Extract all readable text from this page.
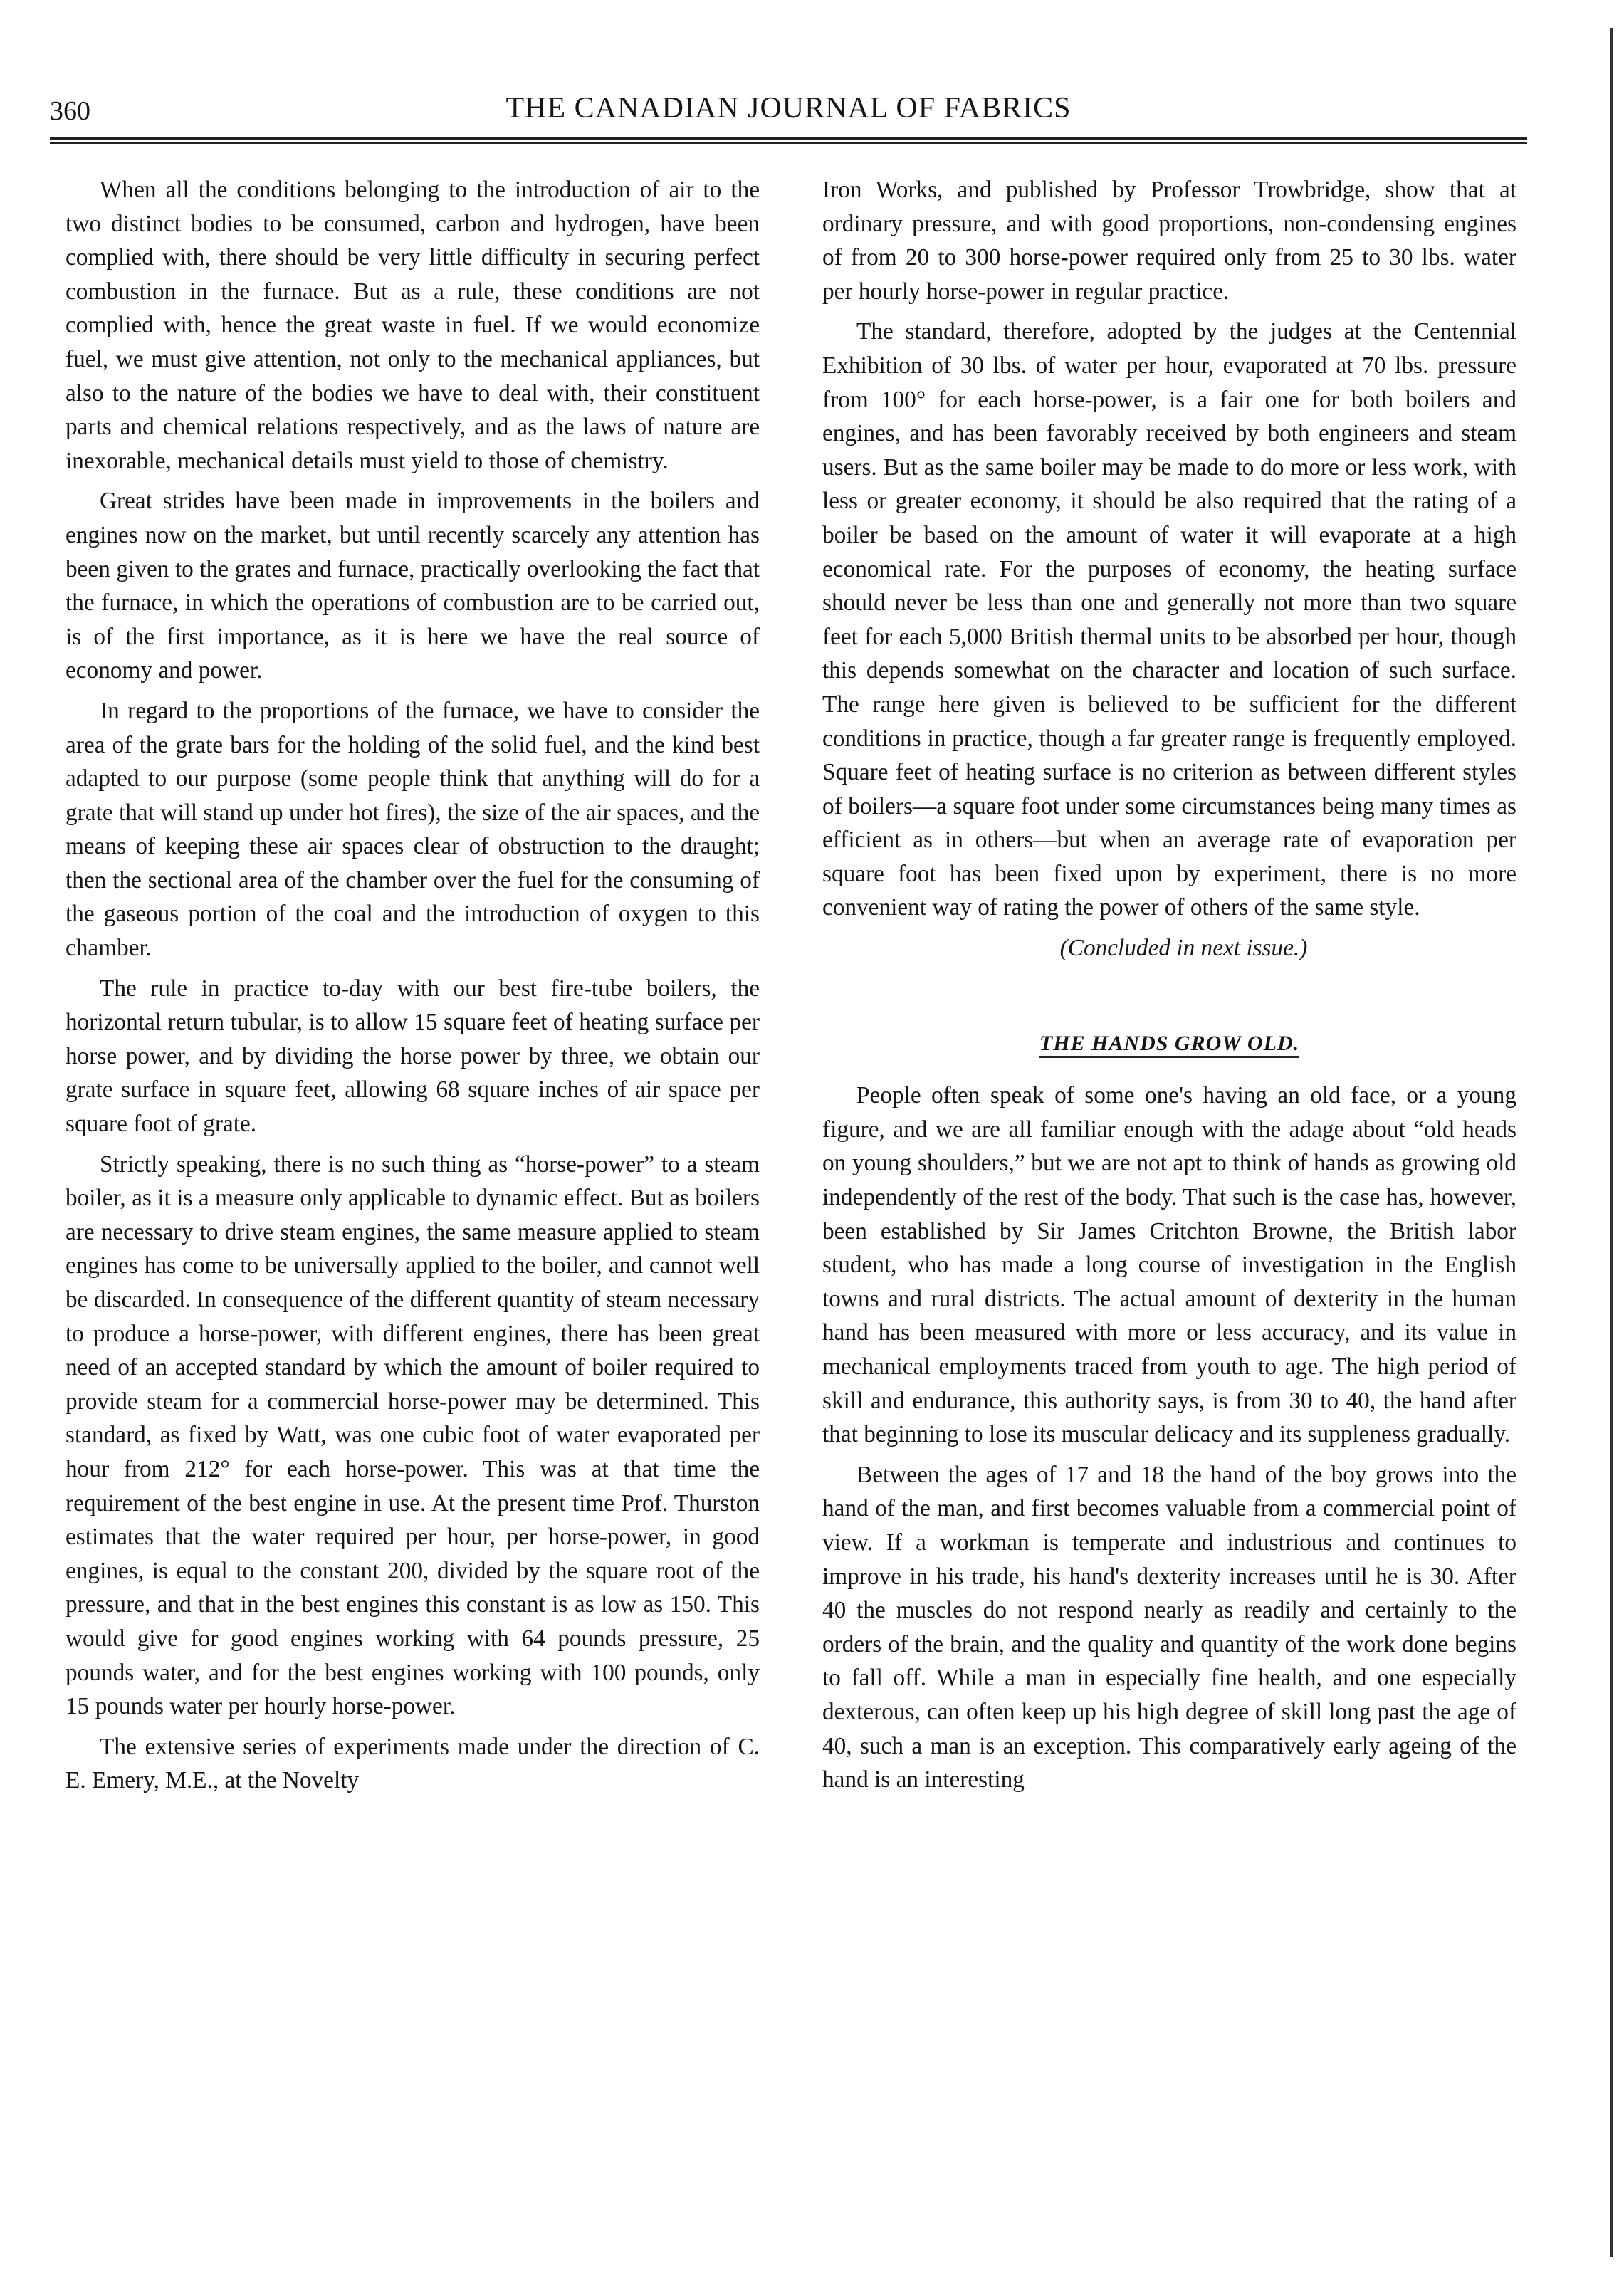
360	THE CANADIAN JOURNAL OF FABRICS

When all the conditions belonging to the introduction of air to the two distinct bodies to be consumed, carbon and hydrogen, have been complied with, there should be very little difficulty in securing perfect combustion in the furnace. But as a rule, these conditions are not complied with, hence the great waste in fuel. If we would economize fuel, we must give attention, not only to the mechanical appliances, but also to the nature of the bodies we have to deal with, their constituent parts and chemical relations respectively, and as the laws of nature are inexorable, mechanical details must yield to those of chemistry.

Great strides have been made in improvements in the boilers and engines now on the market, but until recently scarcely any attention has been given to the grates and furnace, practically overlooking the fact that the furnace, in which the operations of combustion are to be carried out, is of the first importance, as it is here we have the real source of economy and power.

In regard to the proportions of the furnace, we have to consider the area of the grate bars for the holding of the solid fuel, and the kind best adapted to our purpose (some people think that anything will do for a grate that will stand up under hot fires), the size of the air spaces, and the means of keeping these air spaces clear of obstruction to the draught; then the sectional area of the chamber over the fuel for the consuming of the gaseous portion of the coal and the introduction of oxygen to this chamber.

The rule in practice to-day with our best fire-tube boilers, the horizontal return tubular, is to allow 15 square feet of heating surface per horse power, and by dividing the horse power by three, we obtain our grate surface in square feet, allowing 68 square inches of air space per square foot of grate.

Strictly speaking, there is no such thing as “horse-power” to a steam boiler, as it is a measure only applicable to dynamic effect. But as boilers are necessary to drive steam engines, the same measure applied to steam engines has come to be universally applied to the boiler, and cannot well be discarded. In consequence of the different quantity of steam necessary to produce a horse-power, with different engines, there has been great need of an accepted standard by which the amount of boiler required to provide steam for a commercial horse-power may be determined. This standard, as fixed by Watt, was one cubic foot of water evaporated per hour from 212° for each horse-power. This was at that time the requirement of the best engine in use. At the present time Prof. Thurston estimates that the water required per hour, per horse-power, in good engines, is equal to the constant 200, divided by the square root of the pressure, and that in the best engines this constant is as low as 150. This would give for good engines working with 64 pounds pressure, 25 pounds water, and for the best engines working with 100 pounds, only 15 pounds water per hourly horse-power.

The extensive series of experiments made under the direction of C. E. Emery, M.E., at the Novelty

Iron Works, and published by Professor Trowbridge, show that at ordinary pressure, and with good proportions, non-condensing engines of from 20 to 300 horse-power required only from 25 to 30 lbs. water per hourly horse-power in regular practice.

The standard, therefore, adopted by the judges at the Centennial Exhibition of 30 lbs. of water per hour, evaporated at 70 lbs. pressure from 100° for each horse-power, is a fair one for both boilers and engines, and has been favorably received by both engineers and steam users. But as the same boiler may be made to do more or less work, with less or greater economy, it should be also required that the rating of a boiler be based on the amount of water it will evaporate at a high economical rate. For the purposes of economy, the heating surface should never be less than one and generally not more than two square feet for each 5,000 British thermal units to be absorbed per hour, though this depends somewhat on the character and location of such surface. The range here given is believed to be sufficient for the different conditions in practice, though a far greater range is frequently employed. Square feet of heating surface is no criterion as between different styles of boilers—a square foot under some circumstances being many times as efficient as in others—but when an average rate of evaporation per square foot has been fixed upon by experiment, there is no more convenient way of rating the power of others of the same style.

(Concluded in next issue.)
THE HANDS GROW OLD.

People often speak of some one's having an old face, or a young figure, and we are all familiar enough with the adage about “old heads on young shoulders,” but we are not apt to think of hands as growing old independently of the rest of the body. That such is the case has, however, been established by Sir James Critchton Browne, the British labor student, who has made a long course of investigation in the English towns and rural districts. The actual amount of dexterity in the human hand has been measured with more or less accuracy, and its value in mechanical employments traced from youth to age. The high period of skill and endurance, this authority says, is from 30 to 40, the hand after that beginning to lose its muscular delicacy and its suppleness gradually.

Between the ages of 17 and 18 the hand of the boy grows into the hand of the man, and first becomes valuable from a commercial point of view. If a workman is temperate and industrious and continues to improve in his trade, his hand's dexterity increases until he is 30. After 40 the muscles do not respond nearly as readily and certainly to the orders of the brain, and the quality and quantity of the work done begins to fall off. While a man in especially fine health, and one especially dexterous, can often keep up his high degree of skill long past the age of 40, such a man is an exception. This comparatively early ageing of the hand is an interesting
